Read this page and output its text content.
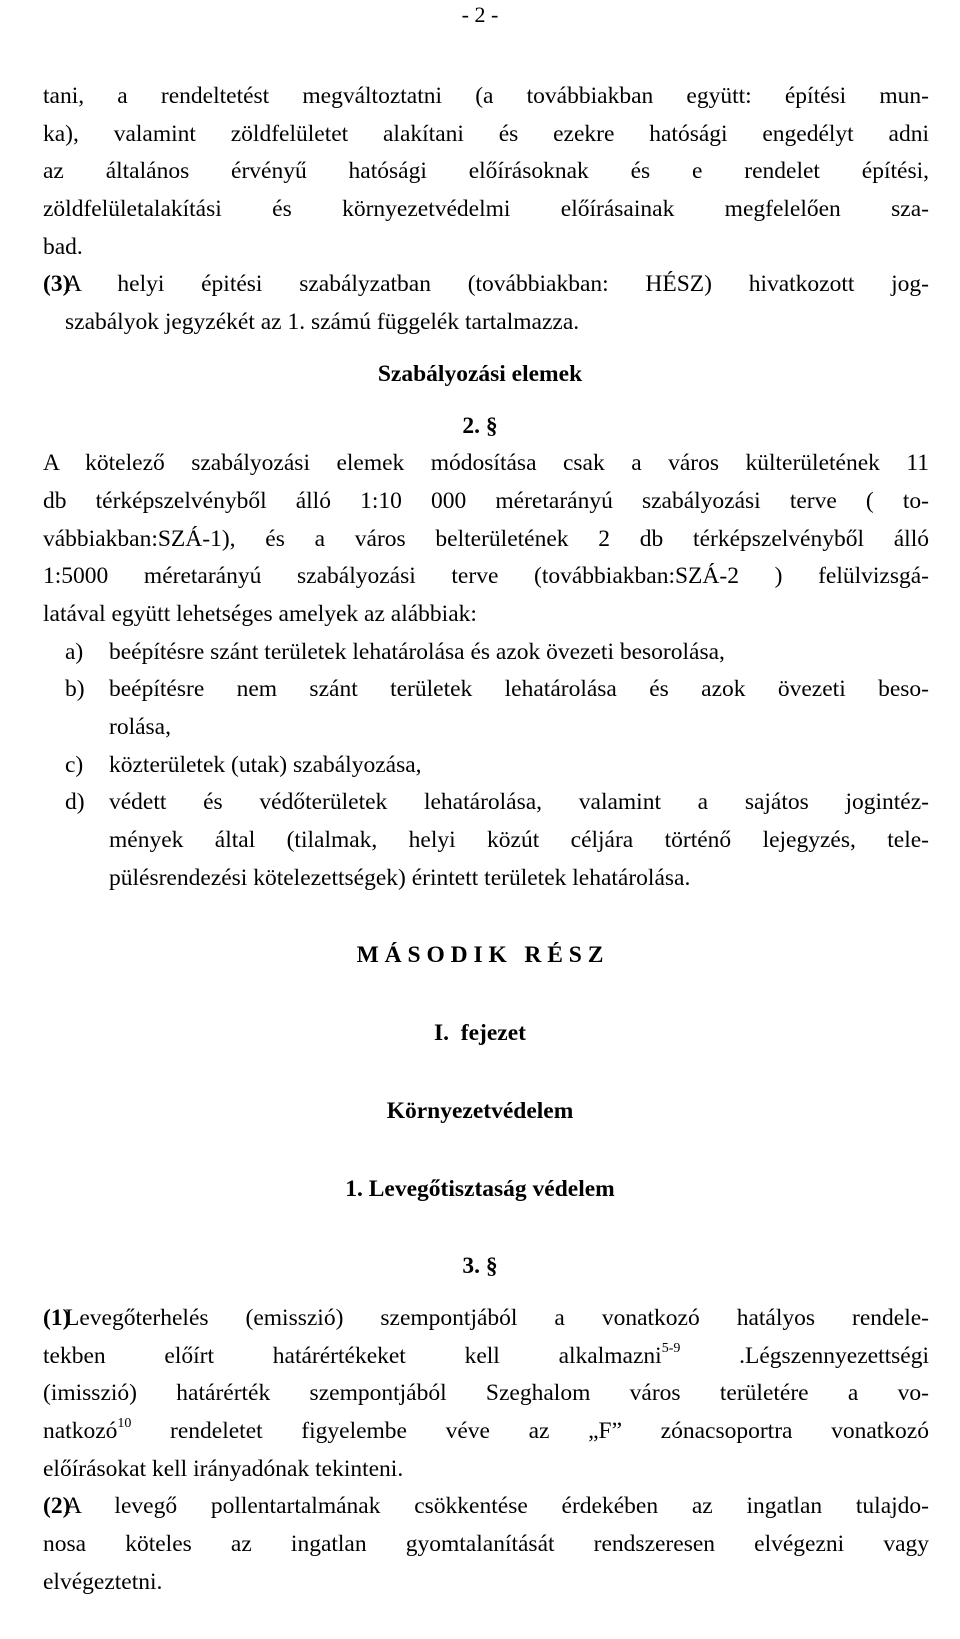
- 2 -
tani, a rendeltetést megváltoztatni (a továbbiakban együtt: építési mun-
ka), valamint zöldfelületet alakítani és ezekre hatósági engedélyt adni
az általános érvényű hatósági előírásoknak és e rendelet építési,
zöldfelületalakítási és környezetvédelmi előírásainak megfelelően sza-
bad.
(3)A helyi épitési szabályzatban (továbbiakban: HÉSZ) hivatkozott jog-
szabályok jegyzékét az 1. számú függelék tartalmazza.
Szabályozási elemek
2. §
A kötelező szabályozási elemek módosítása csak a város külterületének 11
db térképszelvényből álló 1:10 000 méretarányú szabályozási terve ( to-
vábbiakban:SZÁ-1), és a város belterületének 2 db térképszelvényből álló
1:5000 méretarányú szabályozási terve (továbbiakban:SZÁ-2 ) felülvizsgá-
latával együtt lehetséges amelyek az alábbiak:
a) beépítésre szánt területek lehatárolása és azok övezeti besorolása,
b) beépítésre nem szánt területek lehatárolása és azok övezeti beso-
rolása,
c) közterületek (utak) szabályozása,
d) védett és védőterületek lehatárolása, valamint a sajátos jogintéz-
mények által (tilalmak, helyi közút céljára történő lejegyzés, tele-
pülésrendezési kötelezettségek) érintett területek lehatárolása.
M Á S O D I K   R É S Z
I.  fejezet
Környezetvédelem
1. Levegőtisztaság védelem
3. §
(1)Levegőterhelés (emisszió) szempontjából a vonatkozó hatályos rendele-
tekben előírt határértékeket kell alkalmazni$^{5-9}$ .Légszennyezettségi
(imisszió) határérték szempontjából Szeghalom város területére a vo-
natkozó$^{10}$ rendeletet figyelembe véve az „F” zónacsoportra vonatkozó
előírásokat kell irányadónak tekinteni.
(2)A levegő pollentartalmának csökkentése érdekében az ingatlan tulajdo-
nosa köteles az ingatlan gyomtalanítását rendszeresen elvégezni vagy
elvégeztetni.
